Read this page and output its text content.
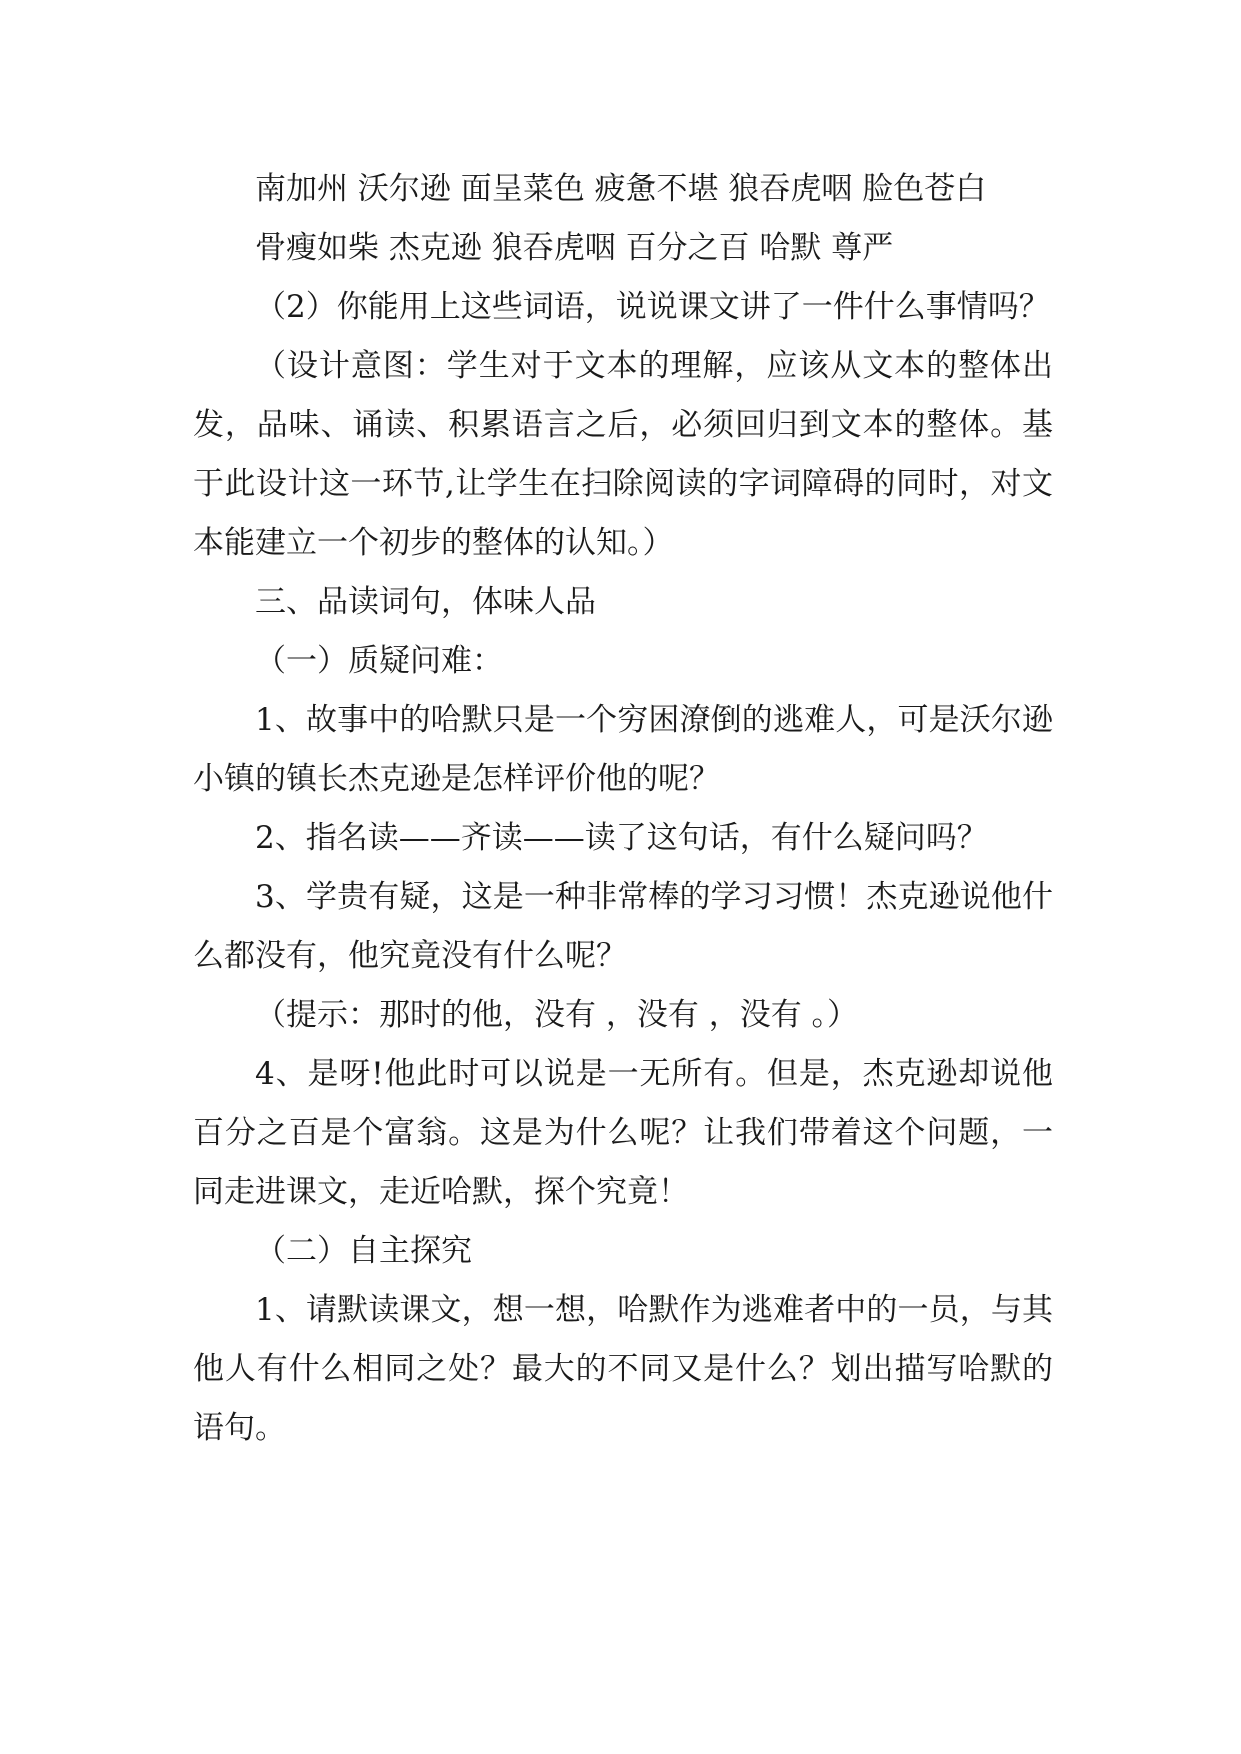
南加州 沃尔逊 面呈菜色 疲惫不堪 狼吞虎咽 脸色苍白

骨瘦如柴 杰克逊 狼吞虎咽 百分之百 哈默 尊严

（2）你能用上这些词语，说说课文讲了一件什么事情吗？

（设计意图：学生对于文本的理解，应该从文本的整体出发，品味、诵读、积累语言之后，必须回归到文本的整体。基于此设计这一环节,让学生在扫除阅读的字词障碍的同时，对文本能建立一个初步的整体的认知。）

三、品读词句，体味人品

（一）质疑问难：

1、故事中的哈默只是一个穷困潦倒的逃难人，可是沃尔逊小镇的镇长杰克逊是怎样评价他的呢？

2、指名读——齐读——读了这句话，有什么疑问吗？

3、学贵有疑，这是一种非常棒的学习习惯！杰克逊说他什么都没有，他究竟没有什么呢？

（提示：那时的他，没有 ，没有 ，没有 。）

4、是呀!他此时可以说是一无所有。但是，杰克逊却说他百分之百是个富翁。这是为什么呢？让我们带着这个问题，一同走进课文，走近哈默，探个究竟！

（二）自主探究

1、请默读课文，想一想，哈默作为逃难者中的一员，与其他人有什么相同之处？最大的不同又是什么？划出描写哈默的语句。
